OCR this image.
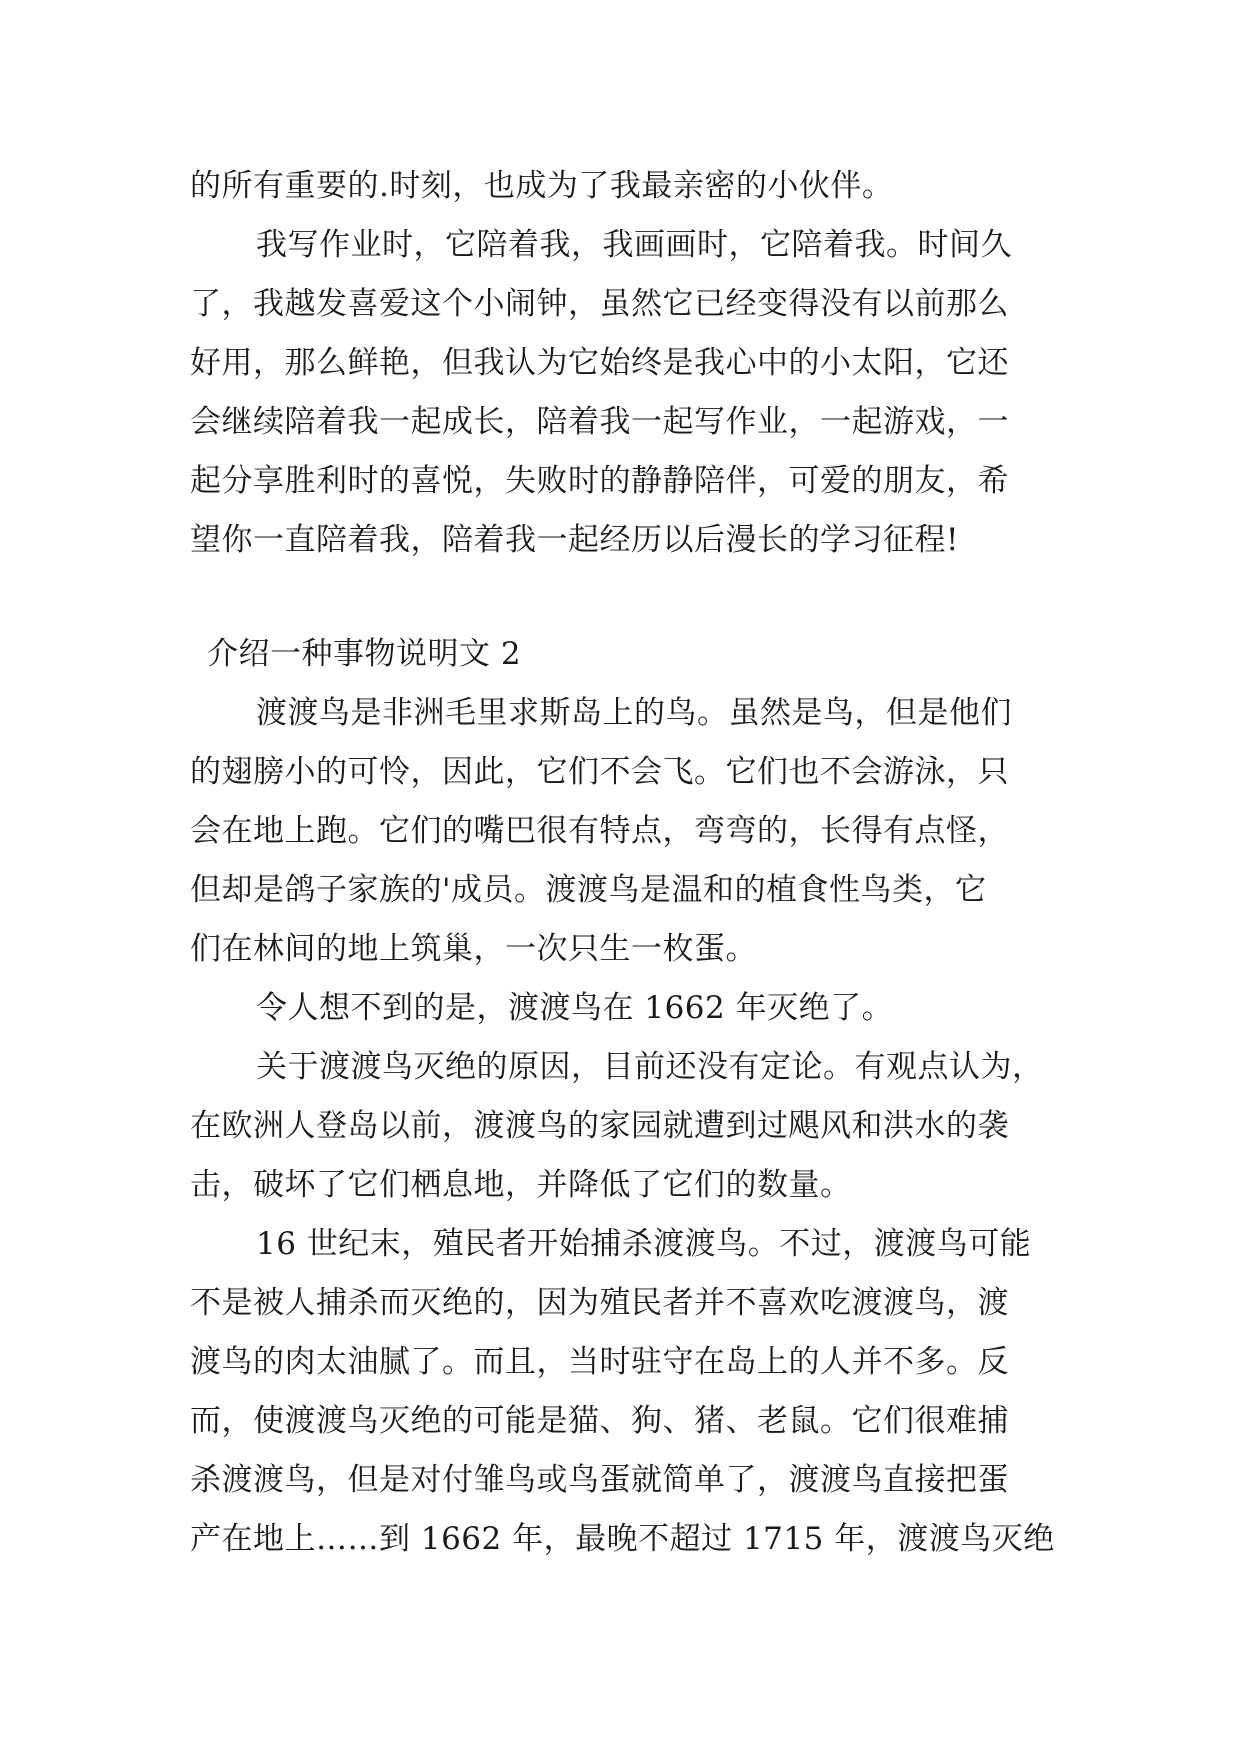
的所有重要的.时刻，也成为了我最亲密的小伙伴。
我写作业时，它陪着我，我画画时，它陪着我。时间久
了，我越发喜爱这个小闹钟，虽然它已经变得没有以前那么
好用，那么鲜艳，但我认为它始终是我心中的小太阳，它还
会继续陪着我一起成长，陪着我一起写作业，一起游戏，一
起分享胜利时的喜悦，失败时的静静陪伴，可爱的朋友，希
望你一直陪着我，陪着我一起经历以后漫长的学习征程!
介绍一种事物说明文 2
渡渡鸟是非洲毛里求斯岛上的鸟。虽然是鸟，但是他们
的翅膀小的可怜，因此，它们不会飞。它们也不会游泳，只
会在地上跑。它们的嘴巴很有特点，弯弯的，长得有点怪，
但却是鸽子家族的'成员。渡渡鸟是温和的植食性鸟类，它
们在林间的地上筑巢，一次只生一枚蛋。
令人想不到的是，渡渡鸟在 1662 年灭绝了。
关于渡渡鸟灭绝的原因，目前还没有定论。有观点认为，
在欧洲人登岛以前，渡渡鸟的家园就遭到过飓风和洪水的袭
击，破坏了它们栖息地，并降低了它们的数量。
16 世纪末，殖民者开始捕杀渡渡鸟。不过，渡渡鸟可能
不是被人捕杀而灭绝的，因为殖民者并不喜欢吃渡渡鸟，渡
渡鸟的肉太油腻了。而且，当时驻守在岛上的人并不多。反
而，使渡渡鸟灭绝的可能是猫、狗、猪、老鼠。它们很难捕
杀渡渡鸟，但是对付雏鸟或鸟蛋就简单了，渡渡鸟直接把蛋
产在地上……到 1662 年，最晚不超过 1715 年，渡渡鸟灭绝
